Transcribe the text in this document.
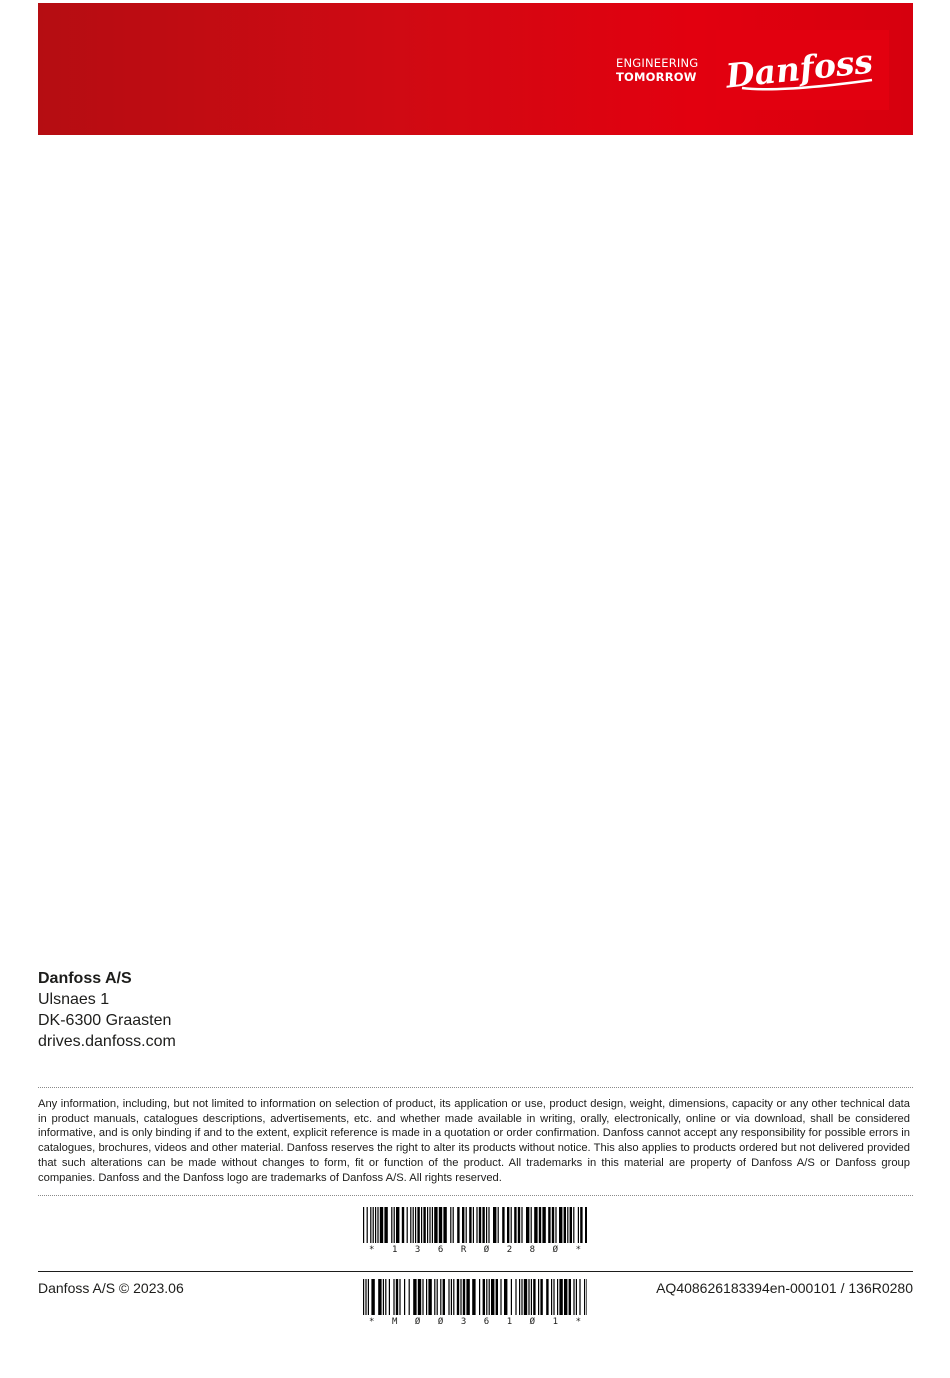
ENGINEERING
TOMORROW Danfoss
Danfoss A/S
Ulsnaes 1
DK-6300 Graasten
drives.danfoss.com
Any information, including, but not limited to information on selection of product, its application or use, product design, weight, dimensions, capacity or any other technical data in product manuals, catalogues descriptions, advertisements, etc. and whether made available in writing, orally, electronically, online or via download, shall be considered informative, and is only binding if and to the extent, explicit reference is made in a quotation or order confirmation. Danfoss cannot accept any responsibility for possible errors in catalogues, brochures, videos and other material. Danfoss reserves the right to alter its products without notice. This also applies to products ordered but not delivered provided that such alterations can be made without changes to form, fit or function of the product. All trademarks in this material are property of Danfoss A/S or Danfoss group companies. Danfoss and the Danfoss logo are trademarks of Danfoss A/S. All rights reserved.
* 1 3 6 R Ø 2 8 Ø *
Danfoss A/S © 2023.06
* M Ø Ø 3 6 1 Ø 1 *
AQ408626183394en-000101 / 136R0280
